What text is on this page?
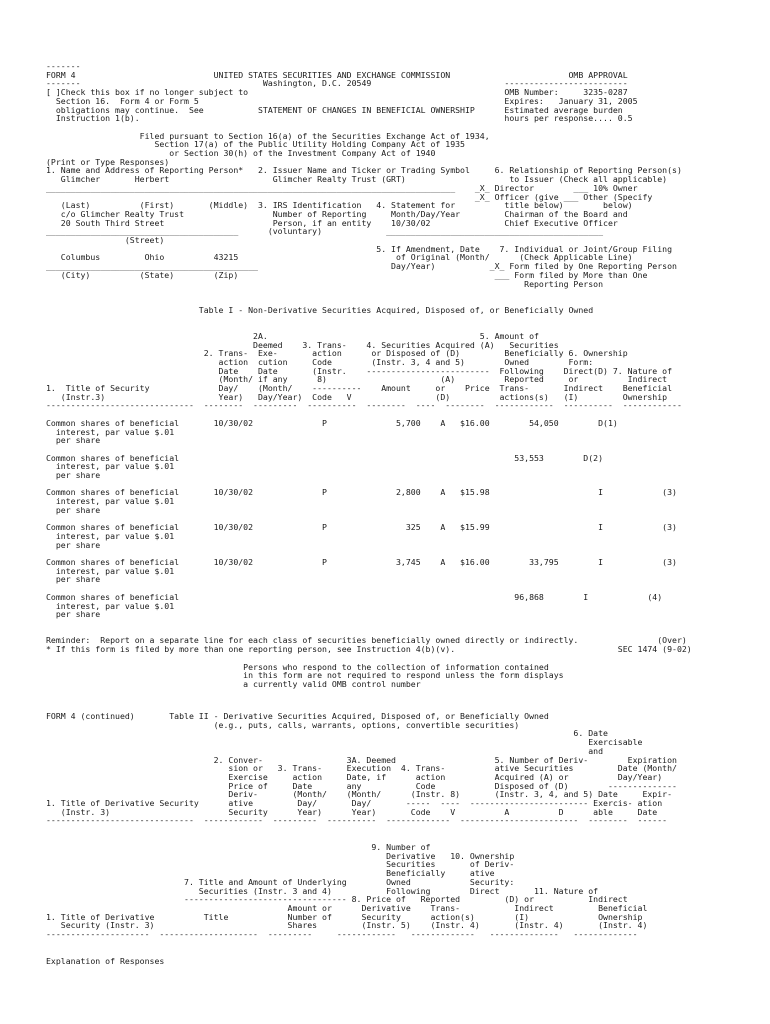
-------
FORM 4                            UNITED STATES SECURITIES AND EXCHANGE COMMISSION                        OMB APPROVAL
-------                                     Washington, D.C. 20549                           -------------------------
[ ]Check this box if no longer subject to                                                    OMB Number:     3235-0287
Section 16.  Form 4 or Form 5                                                              Expires:   January 31, 2005
obligations may continue.  See           STATEMENT OF CHANGES IN BENEFICIAL OWNERSHIP      Estimated average burden
Instruction 1(b).                                                                          hours per response.... 0.5

Filed pursuant to Section 16(a) of the Securities Exchange Act of 1934,
Section 17(a) of the Public Utility Holding Company Act of 1935
or Section 30(h) of the Investment Company Act of 1940
(Print or Type Responses)
1. Name and Address of Reporting Person*   2. Issuer Name and Ticker or Trading Symbol     6. Relationship of Reporting Person(s)
Glimcher       Herbert                     Glimcher Realty Trust (GRT)                     to Issuer (Check all applicable)
___________________________________________________________________________________    _X_ Director        ___ 10% Owner
_X_ Officer (give ___ Other (Specify
(Last)          (First)       (Middle)  3. IRS Identification   4. Statement for          title below)        below)
c/o Glimcher Realty Trust                  Number of Reporting     Month/Day/Year         Chairman of the Board and
20 South Third Street                      Person, if an entity    10/30/02               Chief Executive Officer
_______________________________________      (voluntary)             ____________________________________________
(Street)
5. If Amendment, Date    7. Individual or Joint/Group Filing
Columbus         Ohio          43215                                of Original (Month/      (Check Applicable Line)
___________________________________________                           Day/Year)           _X_ Form filed by One Reporting Person
(City)          (State)        (Zip)                                                    ___ Form filed by More than One
Reporting Person

Table I - Non-Derivative Securities Acquired, Disposed of, or Beneficially Owned

2A.                                           5. Amount of
Deemed    3. Trans-    4. Securities Acquired (A)   Securities
2. Trans-  Exe-       action      or Disposed of (D)         Beneficially 6. Ownership
action  cution     Code        (Instr. 3, 4 and 5)        Owned        Form:
Date    Date       (Instr.    -------------------------  Following    Direct(D) 7. Nature of
(Month/ if any      8)                       (A)          Reported     or          Indirect
1.  Title of Security              Day/    (Month/    ----------    Amount     or    Price  Trans-       Indirect    Beneficial
(Instr.3)                       Year)   Day/Year)  Code   V                 (D)          actions(s)   (I)         Ownership
------------------------------  --------  ---------  ----------  --------  ----  --------  ------------  ----------  ------------

Common shares of beneficial       10/30/02              P              5,700    A   $16.00        54,050        D(1)
interest, par value $.01
per share

Common shares of beneficial                                                                    53,553        D(2)
interest, par value $.01
per share

Common shares of beneficial       10/30/02              P              2,800    A   $15.98                      I            (3)
interest, par value $.01
per share

Common shares of beneficial       10/30/02              P                325    A   $15.99                      I            (3)
interest, par value $.01
per share

Common shares of beneficial       10/30/02              P              3,745    A   $16.00        33,795        I            (3)
interest, par value $.01
per share

Common shares of beneficial                                                                    96,868        I            (4)
interest, par value $.01
per share

Reminder:  Report on a separate line for each class of securities beneficially owned directly or indirectly.                (Over)
* If this form is filed by more than one reporting person, see Instruction 4(b)(v).                                 SEC 1474 (9-02)

Persons who respond to the collection of information contained
in this form are not required to respond unless the form displays
a currently valid OMB control number
FORM 4 (continued)       Table II - Derivative Securities Acquired, Disposed of, or Beneficially Owned
(e.g., puts, calls, warrants, options, convertible securities)
6. Date
Exercisable
and
2. Conver-                 3A. Deemed                    5. Number of Deriv-        Expiration
sion or   3. Trans-     Execution  4. Trans-          ative Securities         Date (Month/
Exercise     action     Date, if      action          Acquired (A) or          Day/Year)
Price of     Date       any           Code            Disposed of (D)        --------------
Deriv-       (Month/    (Month/      (Instr. 8)       (Instr. 3, 4, and 5) Date     Expir-
1. Title of Derivative Security      ative         Day/       Day/       -----  ----  ------------------------ Exercis- ation
(Instr. 3)                        Security      Year)      Year)       Code    V          A          D      able     Date
------------------------------  ------------  ---------  ----------  -------------  ------------------------  --------  ------
9. Number of
Derivative   10. Ownership
Securities       of Deriv-
Beneficially     ative
7. Title and Amount of Underlying        Owned            Security:
Securities (Instr. 3 and 4)           Following        Direct       11. Nature of
--------------------------------- 8. Price of   Reported         (D) or           Indirect
Amount or      Derivative    Trans-           Indirect         Beneficial
1. Title of Derivative          Title            Number of      Security      action(s)        (I)              Ownership
Security (Instr. 3)                           Shares         (Instr. 5)    (Instr. 4)       (Instr. 4)       (Instr. 4)
---------------------  --------------------  ---------     ------------   -------------   --------------   -------------
Explanation of Responses
